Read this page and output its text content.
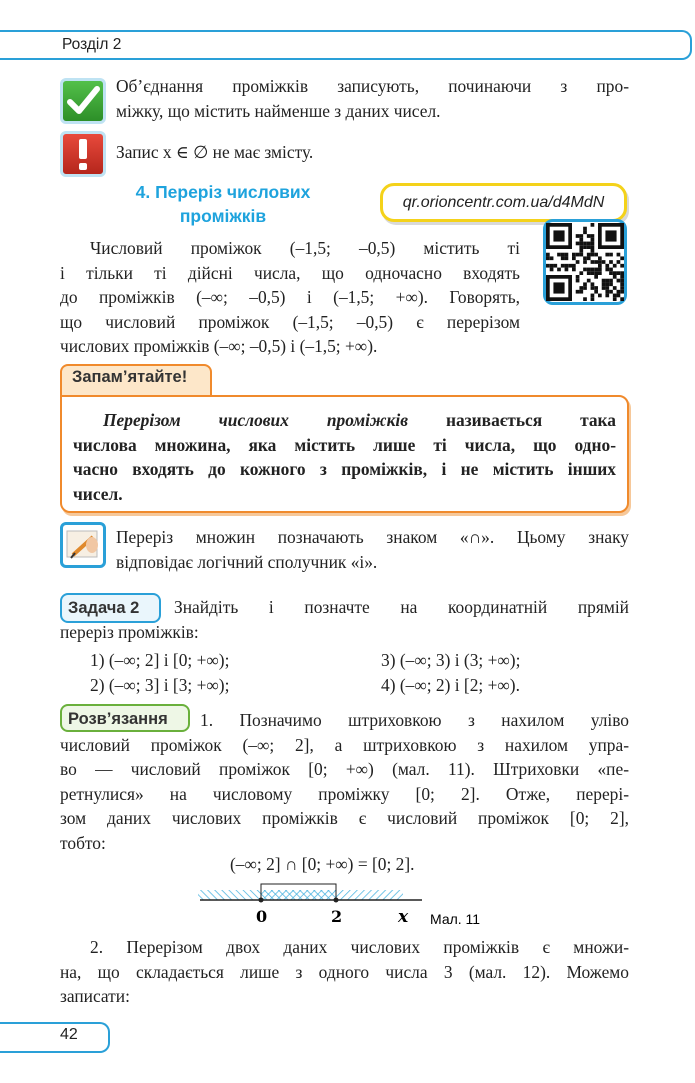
Розділ 2
Об’єднання проміжків записують, починаючи з про-
міжку, що містить найменше з даних чисел.
Запис x ∈ ∅ не має змісту.
4. Переріз числових
проміжків
qr.orioncentr.com.ua/d4MdN
Числовий проміжок (–1,5; –0,5) містить ті
і тільки ті дійсні числа, що одночасно входять
до проміжків (–∞; –0,5) і (–1,5; +∞). Говорять,
що числовий проміжок (–1,5; –0,5) є перерізом
числових проміжків (–∞; –0,5) і (–1,5; +∞).
Запам’ятайте!
Перерізом числових проміжків називається така
числова множина, яка містить лише ті числа, що одно-
часно входять до кожного з проміжків, і не містить інших
чисел.
Переріз множин позначають знаком «∩». Цьому знаку
відповідає логічний сполучник «і».
Задача 2	Знайдіть і позначте на координатній прямій
переріз проміжків:
1) (–∞; 2] і [0; +∞);
2) (–∞; 3] і [3; +∞);
3) (–∞; 3) і (3; +∞);
4) (–∞; 2) і [2; +∞).
Розв’язання	1. Позначимо штриховкою з нахилом уліво
числовий проміжок (–∞; 2], а штриховкою з нахилом упра-
во — числовий проміжок [0; +∞) (мал. 11). Штриховки «пе-
ретнулися» на числовому проміжку [0; 2]. Отже, перері-
зом даних числових проміжків є числовий проміжок [0; 2],
тобто:
(–∞; 2] ∩ [0; +∞) = [0; 2].
0	2	x Мал. 11
2. Перерізом двох даних числових проміжків є множи-
на, що складається лише з одного числа 3 (мал. 12). Можемо
записати:
42
